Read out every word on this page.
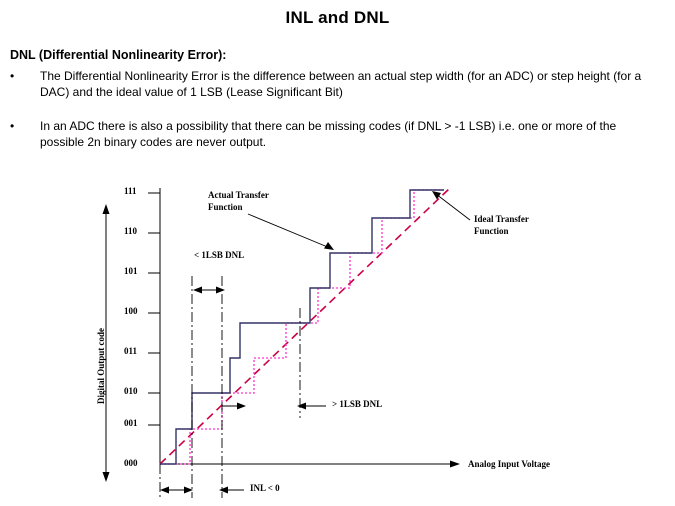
INL and DNL
DNL (Differential Nonlinearity Error):
•	The Differential Nonlinearity Error is the difference between an actual step width (for an ADC) or step height (for a DAC) and the ideal value of 1 LSB (Lease Significant Bit)
•	In an ADC there is also a possibility that there can be missing codes (if DNL > -1 LSB) i.e. one or more of the possible 2n binary codes are never output.
111
110
101
100
011
010
001
000
Digital Output code
Analog Input Voltage
Actual Transfer
Function
Ideal Transfer
Function
< 1LSB DNL
> 1LSB DNL
INL < 0
